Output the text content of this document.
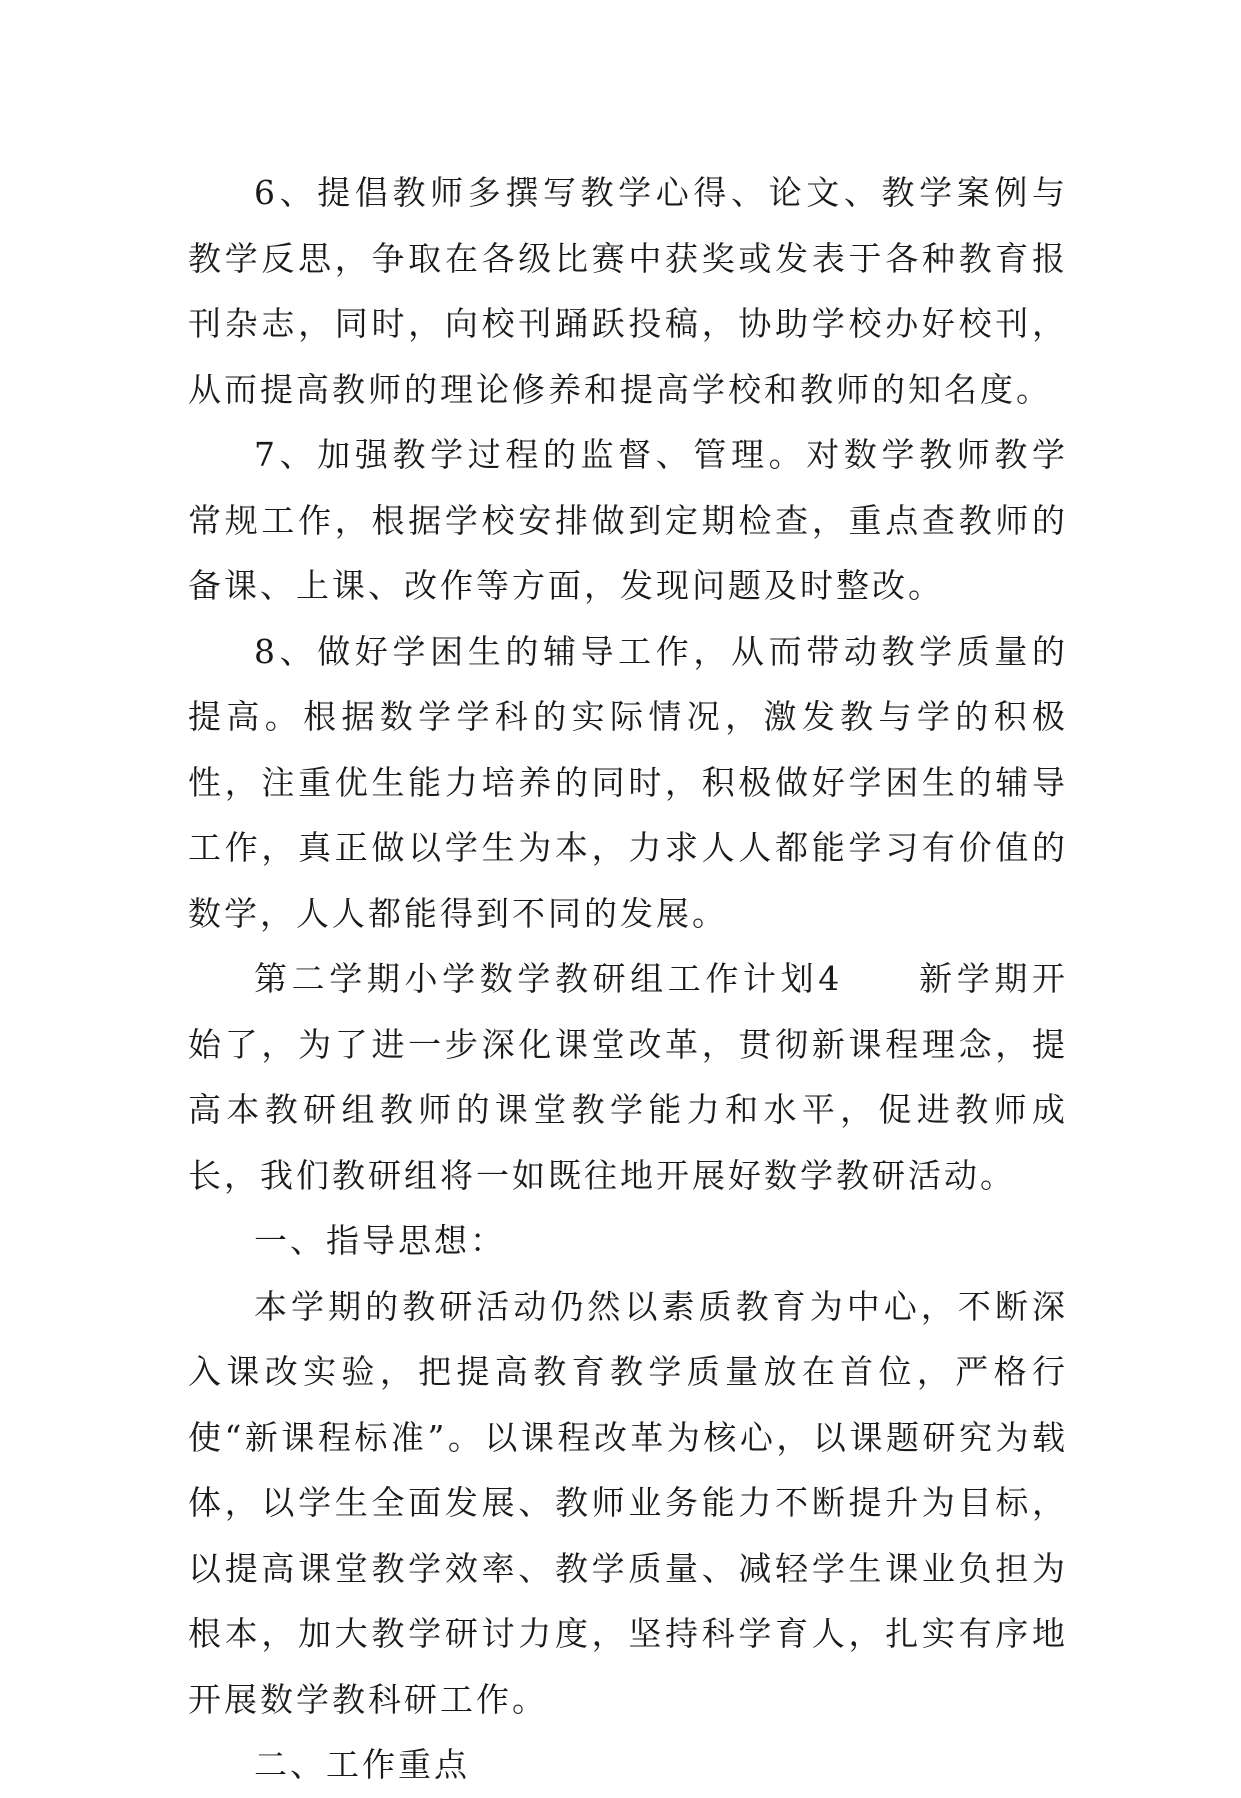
6、提倡教师多撰写教学心得、论文、教学案例与教学反思，争取在各级比赛中获奖或发表于各种教育报刊杂志，同时，向校刊踊跃投稿，协助学校办好校刊，从而提高教师的理论修养和提高学校和教师的知名度。

7、加强教学过程的监督、管理。对数学教师教学常规工作，根据学校安排做到定期检查，重点查教师的备课、上课、改作等方面，发现问题及时整改。

8、做好学困生的辅导工作，从而带动教学质量的提高。根据数学学科的实际情况，激发教与学的积极性，注重优生能力培养的同时，积极做好学困生的辅导工作，真正做以学生为本，力求人人都能学习有价值的数学，人人都能得到不同的发展。

第二学期小学数学教研组工作计划4　　新学期开始了，为了进一步深化课堂改革，贯彻新课程理念，提高本教研组教师的课堂教学能力和水平，促进教师成长，我们教研组将一如既往地开展好数学教研活动。

一、指导思想：

本学期的教研活动仍然以素质教育为中心，不断深入课改实验，把提高教育教学质量放在首位，严格行使“新课程标准”。以课程改革为核心，以课题研究为载体，以学生全面发展、教师业务能力不断提升为目标，以提高课堂教学效率、教学质量、减轻学生课业负担为根本，加大教学研讨力度，坚持科学育人，扎实有序地开展数学教科研工作。

二、工作重点
